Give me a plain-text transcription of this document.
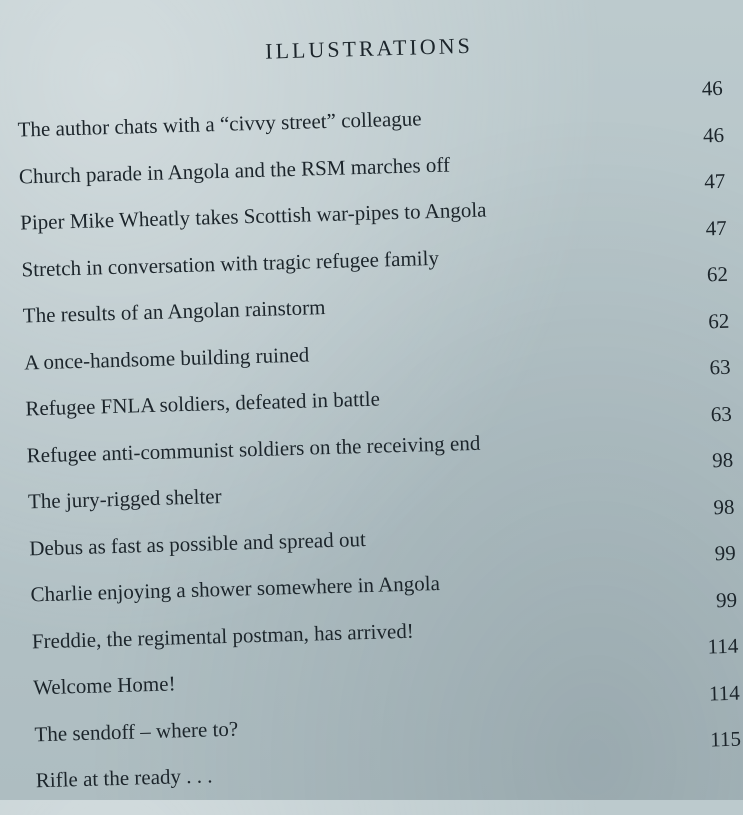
ILLUSTRATIONS
The author chats with a “civvy street” colleague
46
Church parade in Angola and the RSM marches off
46
Piper Mike Wheatly takes Scottish war-pipes to Angola
47
Stretch in conversation with tragic refugee family
47
The results of an Angolan rainstorm
62
A once-handsome building ruined
62
Refugee FNLA soldiers, defeated in battle
63
Refugee anti-communist soldiers on the receiving end
63
The jury-rigged shelter
98
Debus as fast as possible and spread out
98
Charlie enjoying a shower somewhere in Angola
99
Freddie, the regimental postman, has arrived!
99
Welcome Home!
114
The sendoff – where to?
114
Rifle at the ready . . .
115
